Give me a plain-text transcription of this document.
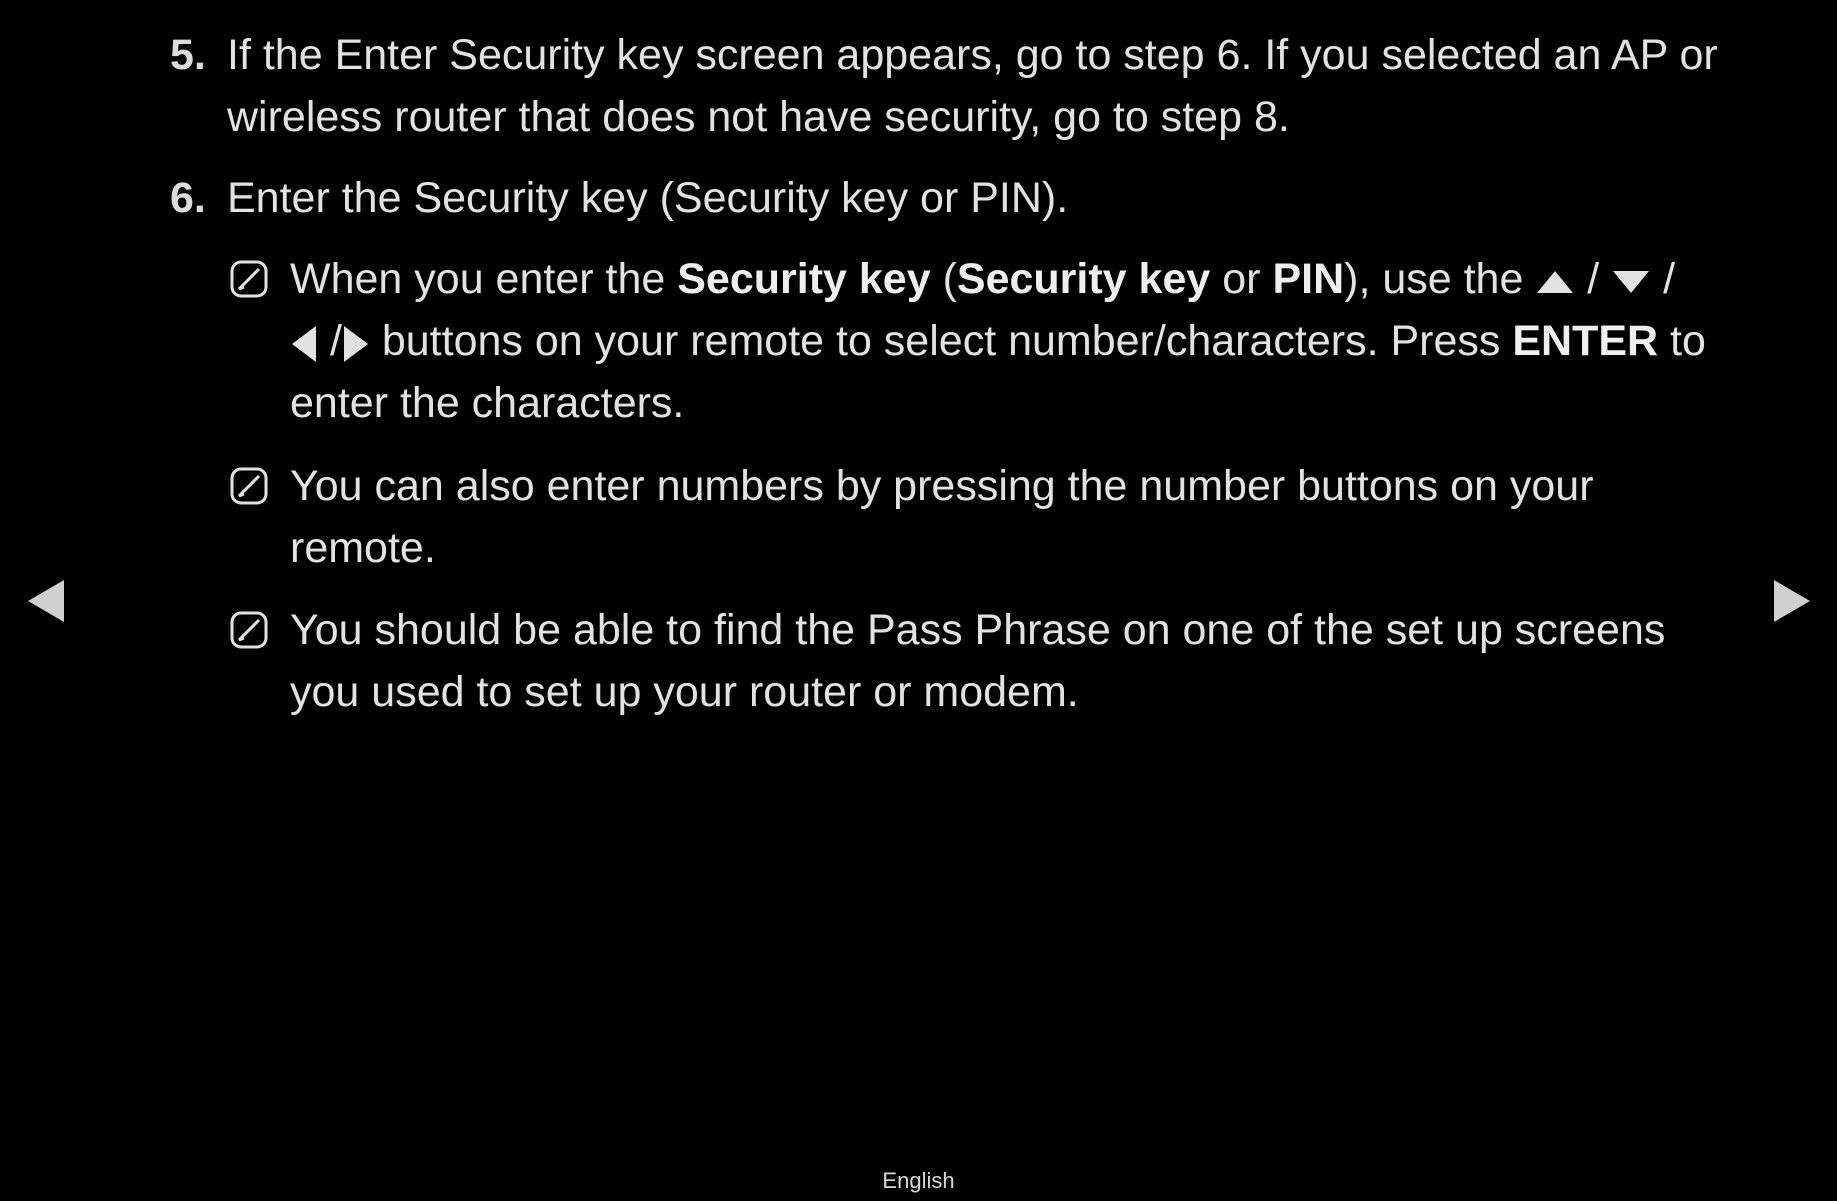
5. If the Enter Security key screen appears, go to step 6. If you selected an AP or
wireless router that does not have security, go to step 8.
6. Enter the Security key (Security key or PIN).
When you enter the Security key (Security key or PIN), use the  /  /
/ buttons on your remote to select number/characters. Press ENTER to
enter the characters.
You can also enter numbers by pressing the number buttons on your
remote.
You should be able to find the Pass Phrase on one of the set up screens
you used to set up your router or modem.
English
